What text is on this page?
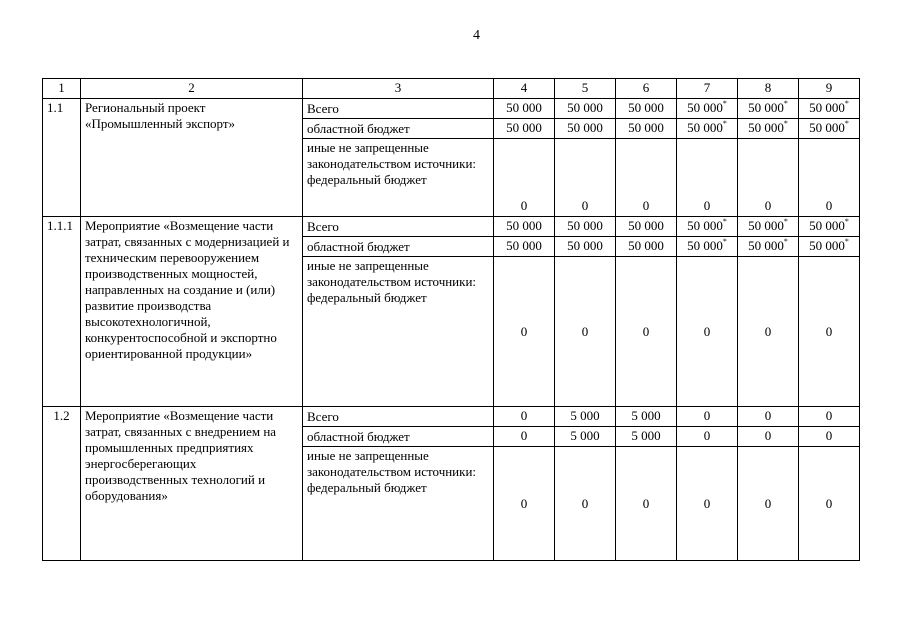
4
1	2	3	4	5	6	7	8	9
1.1	Региональный проект «Промышленный экспорт»	Всего	50 000	50 000	50 000	50 000*	50 000*	50 000*
		областной бюджет	50 000	50 000	50 000	50 000*	50 000*	50 000*
		иные не запрещенные законодательством источники: федеральный бюджет	0	0	0	0	0	0
1.1.1	Мероприятие «Возмещение части затрат, связанных с модернизацией и техническим перевооружением производственных мощностей, направленных на создание и (или) развитие производства высокотехнологичной, конкурентоспособной и экспортно ориентированной продукции»	Всего	50 000	50 000	50 000	50 000*	50 000*	50 000*
		областной бюджет	50 000	50 000	50 000	50 000*	50 000*	50 000*
		иные не запрещенные законодательством источники: федеральный бюджет	0	0	0	0	0	0
1.2	Мероприятие «Возмещение части затрат, связанных с внедрением на промышленных предприятиях энергосберегающих производственных технологий и оборудования»	Всего	0	5 000	5 000	0	0	0
		областной бюджет	0	5 000	5 000	0	0	0
		иные не запрещенные законодательством источники: федеральный бюджет	0	0	0	0	0	0
